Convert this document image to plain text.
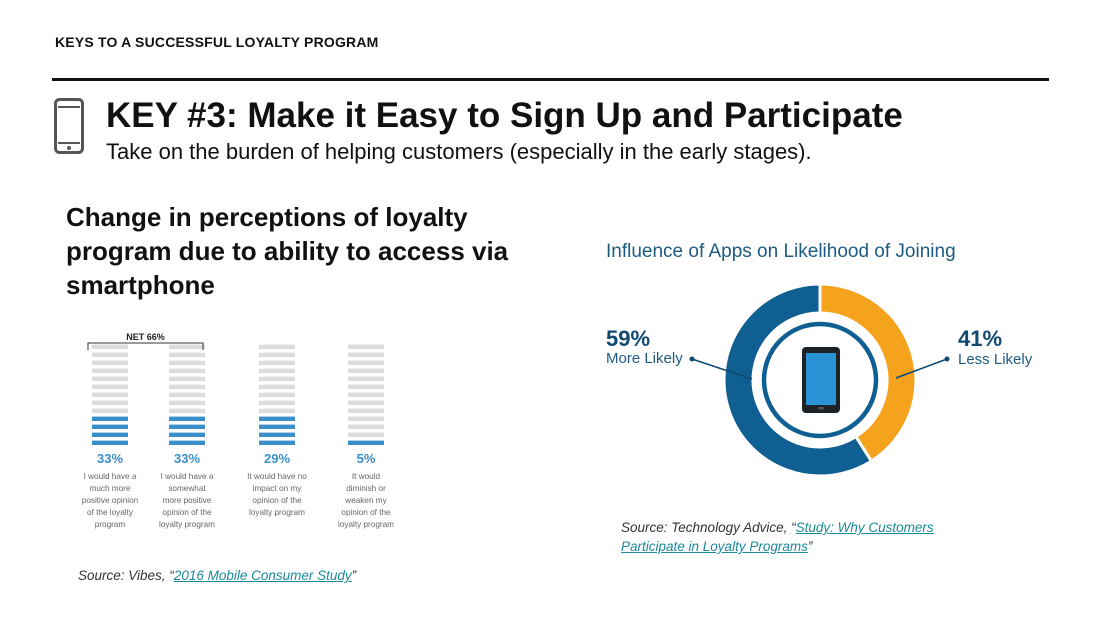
KEYS TO A SUCCESSFUL LOYALTY PROGRAM
KEY #3: Make it Easy to Sign Up and Participate
Take on the burden of helping customers (especially in the early stages).
Change in perceptions of loyalty program due to ability to access via smartphone
33%
I would have a
much more
positive opinion
of the loyalty
program
33%
I would have a
somewhat
more positive
opinion of the
loyalty program
29%
It would have no
impact on my
opinion of the
loyalty program
5%
It would
diminish or
weaken my
opinion of the
loyalty program
NET 66%
Source: Vibes, “2016 Mobile Consumer Study”
Influence of Apps on Likelihood of Joining
59%
More Likely
41%
Less Likely
Source: Technology Advice, “Study: Why Customers Participate in Loyalty Programs”
